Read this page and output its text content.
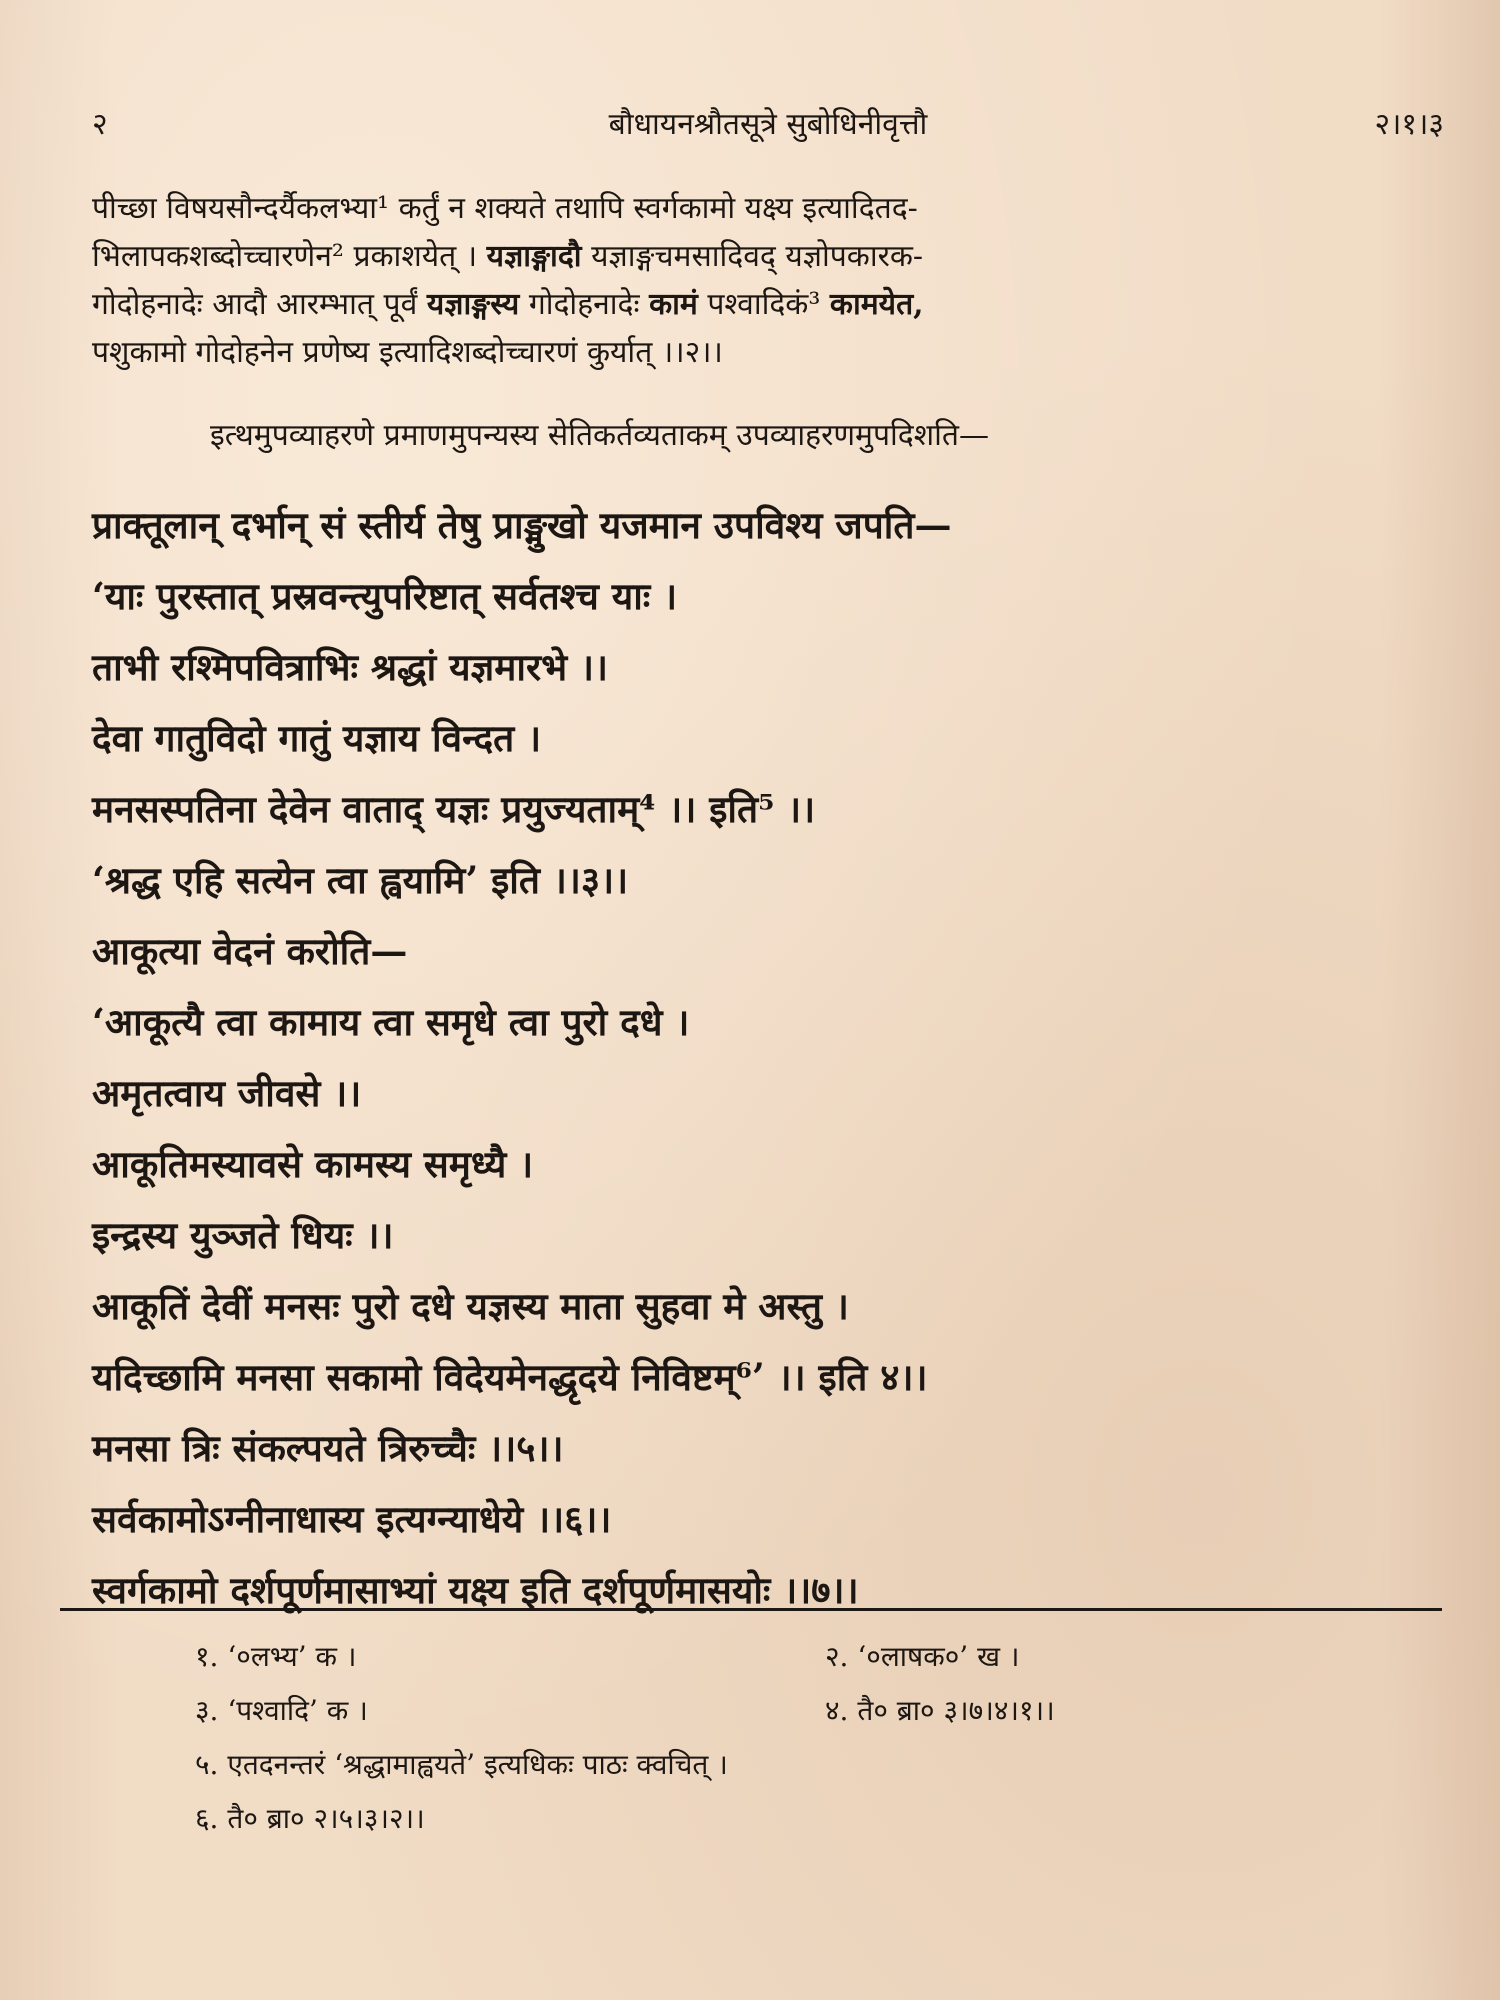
२	बौधायनश्रौतसूत्रे सुबोधिनीवृत्तौ	२।१।३

पीच्छा विषयसौन्दर्यैकलभ्या¹ कर्तुं न शक्यते तथापि स्वर्गकामो यक्ष्य इत्यादितद-

भिलापकशब्दोच्चारणेन² प्रकाशयेत् । यज्ञाङ्गादौ यज्ञाङ्गचमसादिवद् यज्ञोपकारक-

गोदोहनादेः आदौ आरम्भात् पूर्वं यज्ञाङ्गस्य गोदोहनादेः कामं पश्वादिकं³ कामयेत,

पशुकामो गोदोहनेन प्रणेष्य इत्यादिशब्दोच्चारणं कुर्यात् ।।२।।

इत्थमुपव्याहरणे प्रमाणमुपन्यस्य सेतिकर्तव्यताकम् उपव्याहरणमुपदिशति—
प्राक्तूलान् दर्भान् सं स्तीर्य तेषु प्राङ्मुखो यजमान उपविश्य जपति—
‘याः पुरस्तात् प्रस्रवन्त्युपरिष्टात् सर्वतश्च याः ।
ताभी रश्मिपवित्राभिः श्रद्धां यज्ञमारभे ।।
देवा गातुविदो गातुं यज्ञाय विन्दत ।
मनसस्पतिना देवेन वाताद् यज्ञः प्रयुज्यताम्⁴ ।। इति⁵ ।।
‘श्रद्ध एहि सत्येन त्वा ह्वयामि’ इति ।।३।।
आकूत्या वेदनं करोति—
‘आकूत्यै त्वा कामाय त्वा समृधे त्वा पुरो दधे ।
अमृतत्वाय जीवसे ।।
आकूतिमस्यावसे कामस्य समृध्यै ।
इन्द्रस्य युञ्जते धियः ।।
आकूतिं देवीं मनसः पुरो दधे यज्ञस्य माता सुहवा मे अस्तु ।
यदिच्छामि मनसा सकामो विदेयमेनद्धृदये निविष्टम्⁶’ ।। इति ४।।
मनसा त्रिः संकल्पयते त्रिरुच्चैः ।।५।।
सर्वकामोऽग्नीनाधास्य इत्यग्न्याधेये ।।६।।
स्वर्गकामो दर्शपूर्णमासाभ्यां यक्ष्य इति दर्शपूर्णमासयोः ।।७।।
१. ‘०लभ्य’ क ।	२. ‘०लाषक०’ ख ।
३. ‘पश्वादि’ क ।	४. तै० ब्रा० ३।७।४।१।।
५. एतदनन्तरं ‘श्रद्धामाह्वयते’ इत्यधिकः पाठः क्वचित् ।
६. तै० ब्रा० २।५।३।२।।
